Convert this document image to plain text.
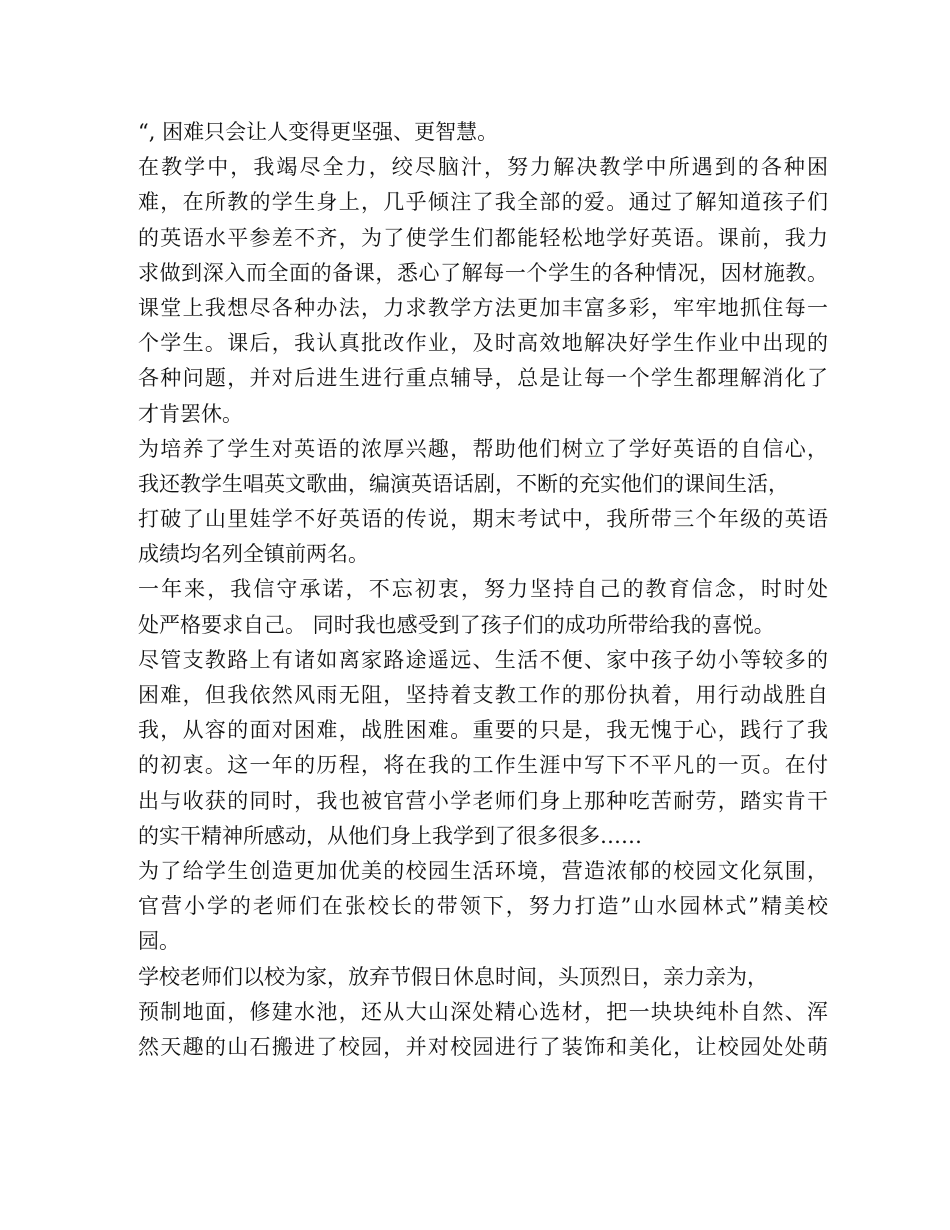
“, 困难只会让人变得更坚强、更智慧。
在教学中，我竭尽全力，绞尽脑汁，努力解决教学中所遇到的各种困
难，在所教的学生身上，几乎倾注了我全部的爱。通过了解知道孩子们
的英语水平参差不齐，为了使学生们都能轻松地学好英语。课前，我力
求做到深入而全面的备课，悉心了解每一个学生的各种情况，因材施教。
课堂上我想尽各种办法，力求教学方法更加丰富多彩，牢牢地抓住每一
个学生。课后，我认真批改作业，及时高效地解决好学生作业中出现的
各种问题，并对后进生进行重点辅导，总是让每一个学生都理解消化了
才肯罢休。
为培养了学生对英语的浓厚兴趣，帮助他们树立了学好英语的自信心，
我还教学生唱英文歌曲，编演英语话剧，不断的充实他们的课间生活，
打破了山里娃学不好英语的传说，期末考试中，我所带三个年级的英语
成绩均名列全镇前两名。
一年来，我信守承诺，不忘初衷，努力坚持自己的教育信念，时时处
处严格要求自己。 同时我也感受到了孩子们的成功所带给我的喜悦。
尽管支教路上有诸如离家路途遥远、生活不便、家中孩子幼小等较多的
困难，但我依然风雨无阻，坚持着支教工作的那份执着，用行动战胜自
我，从容的面对困难，战胜困难。重要的只是，我无愧于心，践行了我
的初衷。这一年的历程，将在我的工作生涯中写下不平凡的一页。在付
出与收获的同时，我也被官营小学老师们身上那种吃苦耐劳，踏实肯干
的实干精神所感动，从他们身上我学到了很多很多……
为了给学生创造更加优美的校园生活环境，营造浓郁的校园文化氛围，
官营小学的老师们在张校长的带领下，努力打造”山水园林式”精美校
园。
学校老师们以校为家，放弃节假日休息时间，头顶烈日，亲力亲为，
预制地面，修建水池，还从大山深处精心选材，把一块块纯朴自然、浑
然天趣的山石搬进了校园，并对校园进行了装饰和美化，让校园处处萌
